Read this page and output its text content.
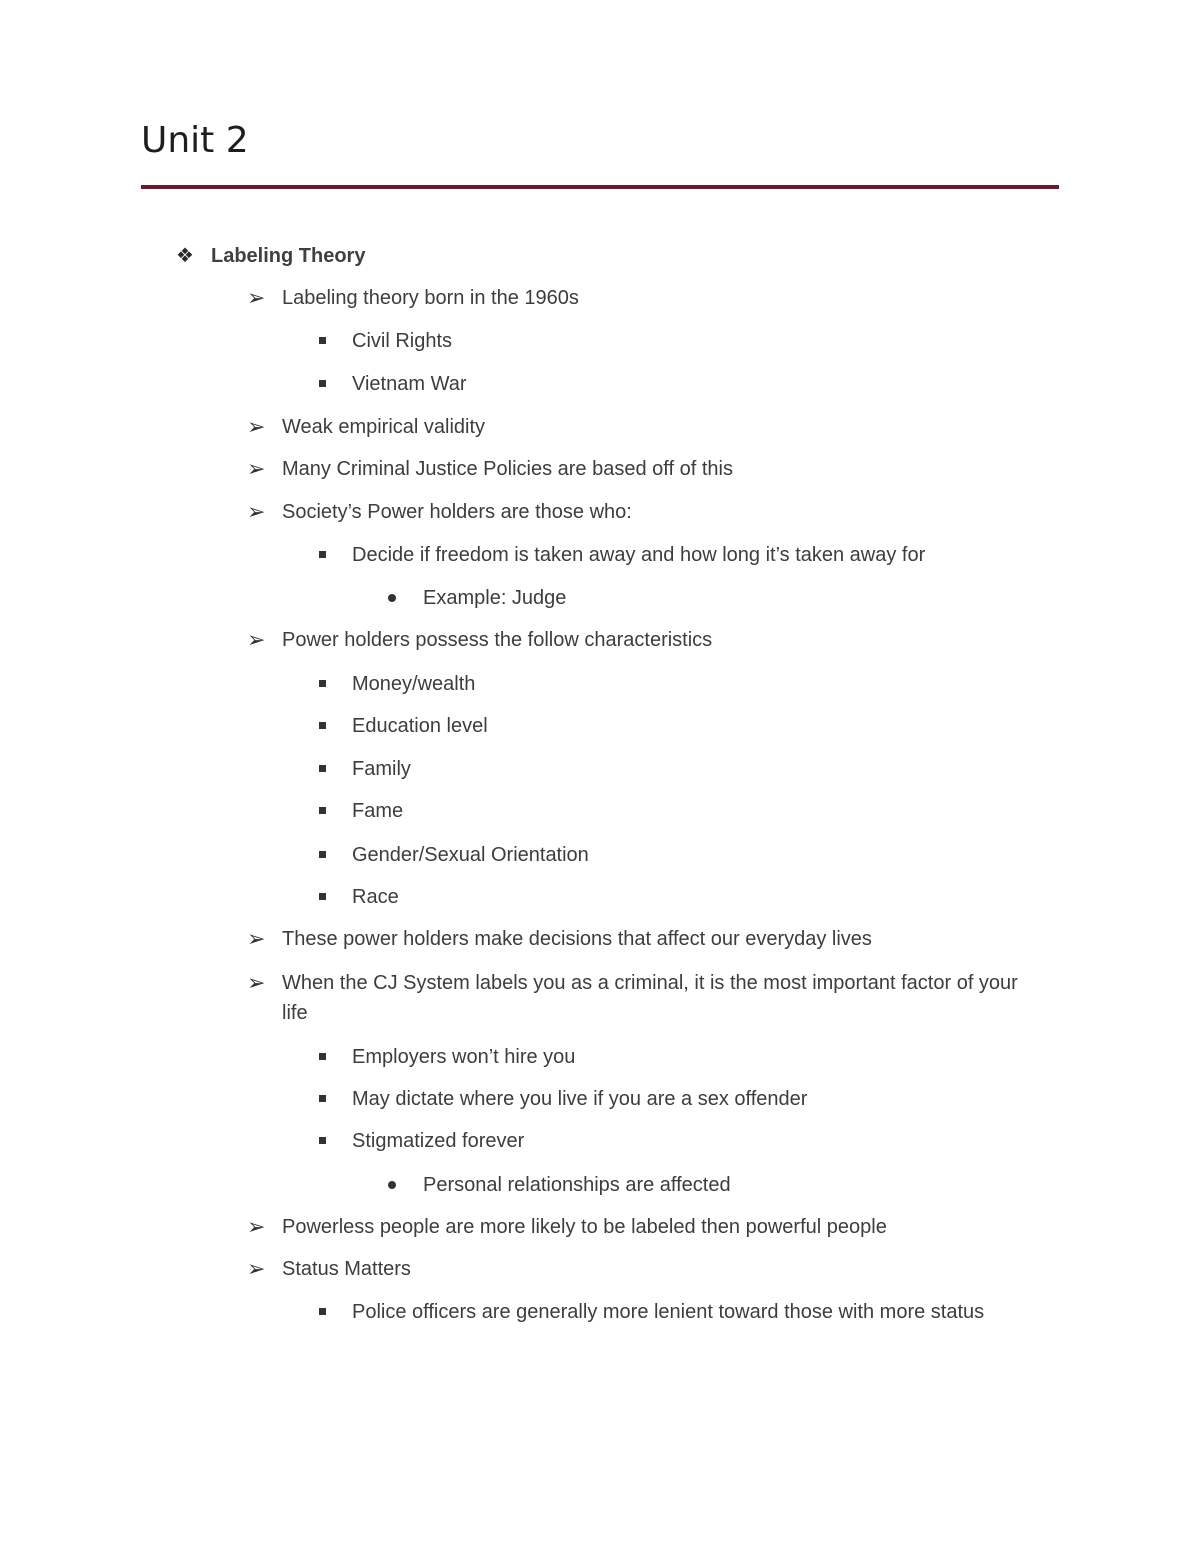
Unit 2
❖ Labeling Theory
➢ Labeling theory born in the 1960s
Civil Rights
Vietnam War
➢ Weak empirical validity
➢ Many Criminal Justice Policies are based off of this
➢ Society’s Power holders are those who:
Decide if freedom is taken away and how long it’s taken away for
Example: Judge
➢ Power holders possess the follow characteristics
Money/wealth
Education level
Family
Fame
Gender/Sexual Orientation
Race
➢ These power holders make decisions that affect our everyday lives
➢ When the CJ System labels you as a criminal, it is the most important factor of your life
Employers won’t hire you
May dictate where you live if you are a sex offender
Stigmatized forever
Personal relationships are affected
➢ Powerless people are more likely to be labeled then powerful people
➢ Status Matters
Police officers are generally more lenient toward those with more status
